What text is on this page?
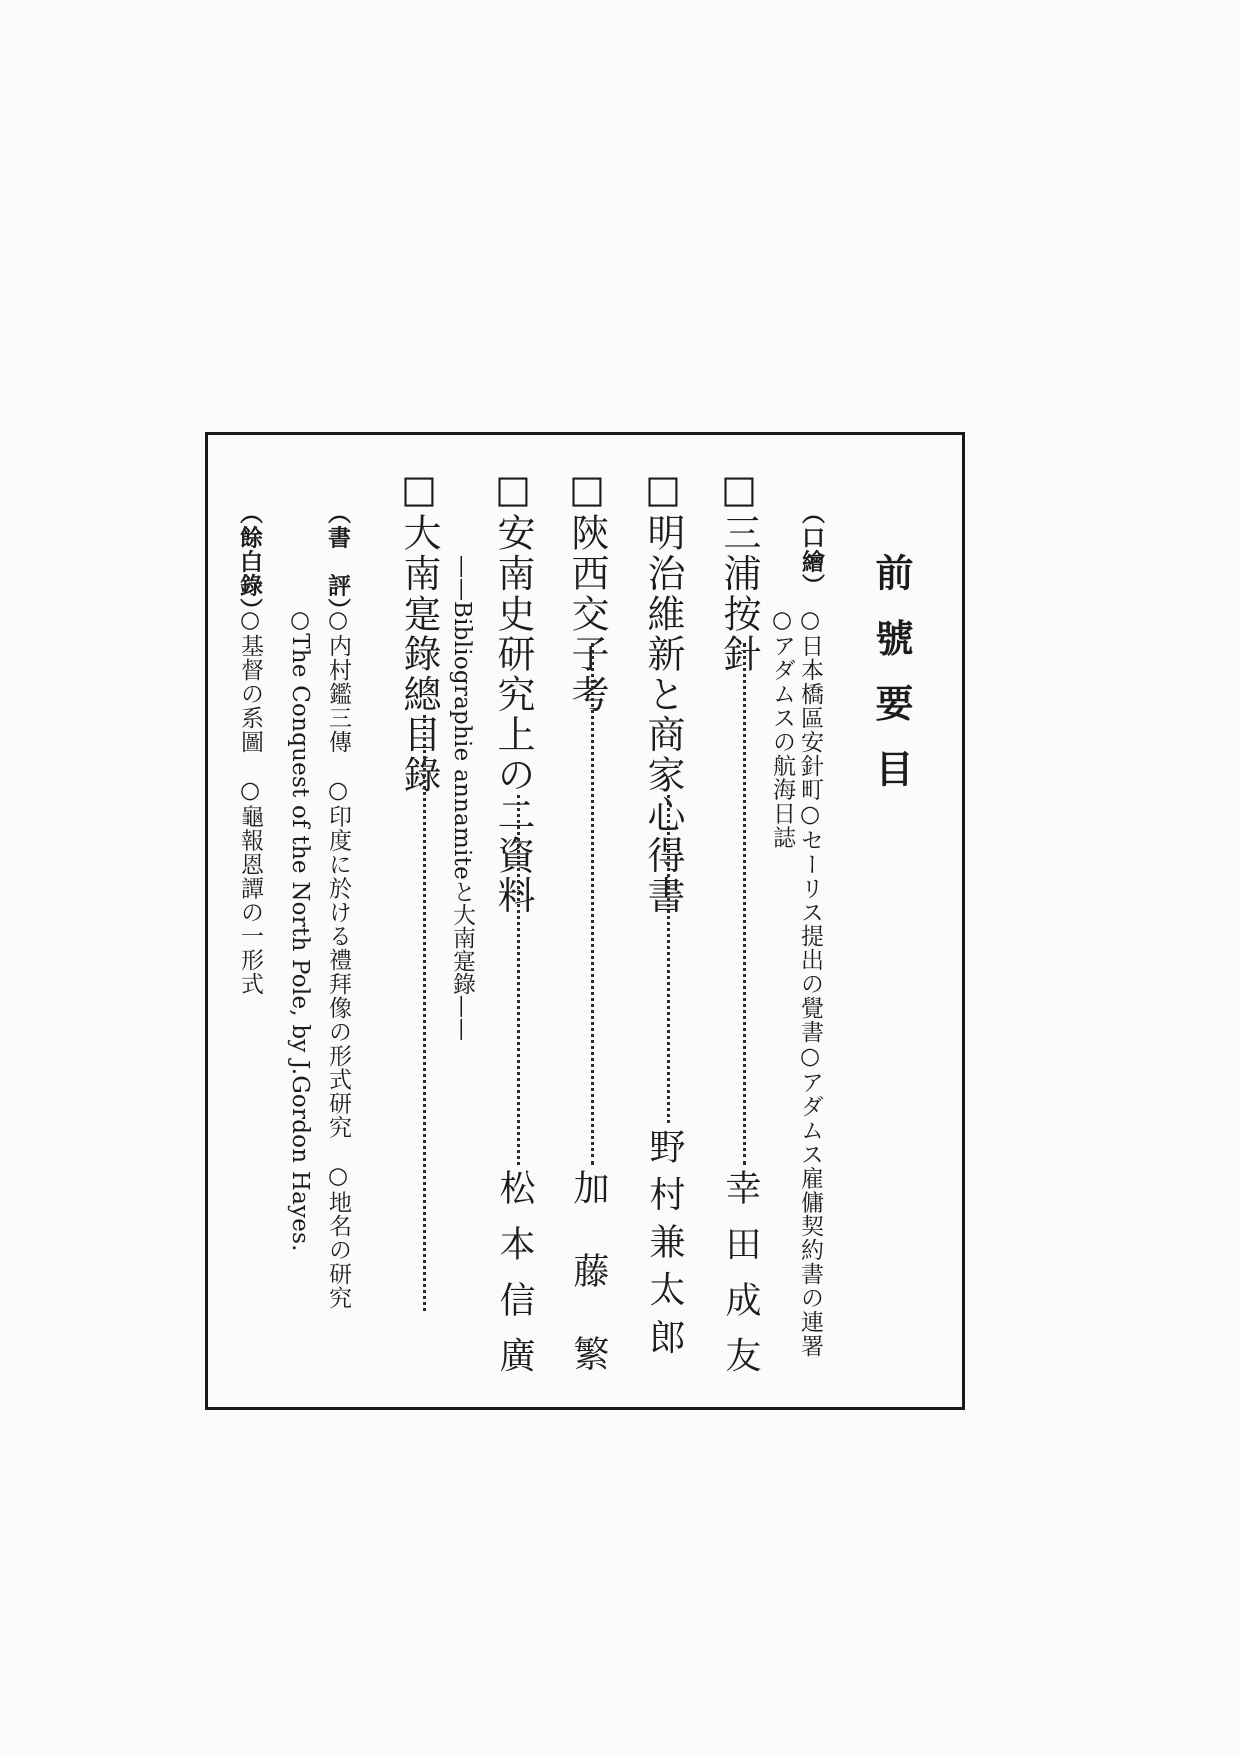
前號要目
（口繪）
○日本橋區安針町○セーリス提出の覺書○アダムス雇傭契約書の連署
○アダムスの航海日誌
□三浦按針
幸田成友
□明治維新と商家心得書
野村兼太郎
□陝西交子考
加藤繁
□安南史研究上の二資料
松本信廣
——Bibliographie annamiteと大南寔錄——
□大南寔錄總目錄
（書　評）
○内村鑑三傳　○印度に於ける禮拜像の形式研究　○地名の研究
○The Conquest of the North Pole, by J.Gordon Hayes.
（餘白錄）
○基督の系圖　○龜報恩譚の一形式
